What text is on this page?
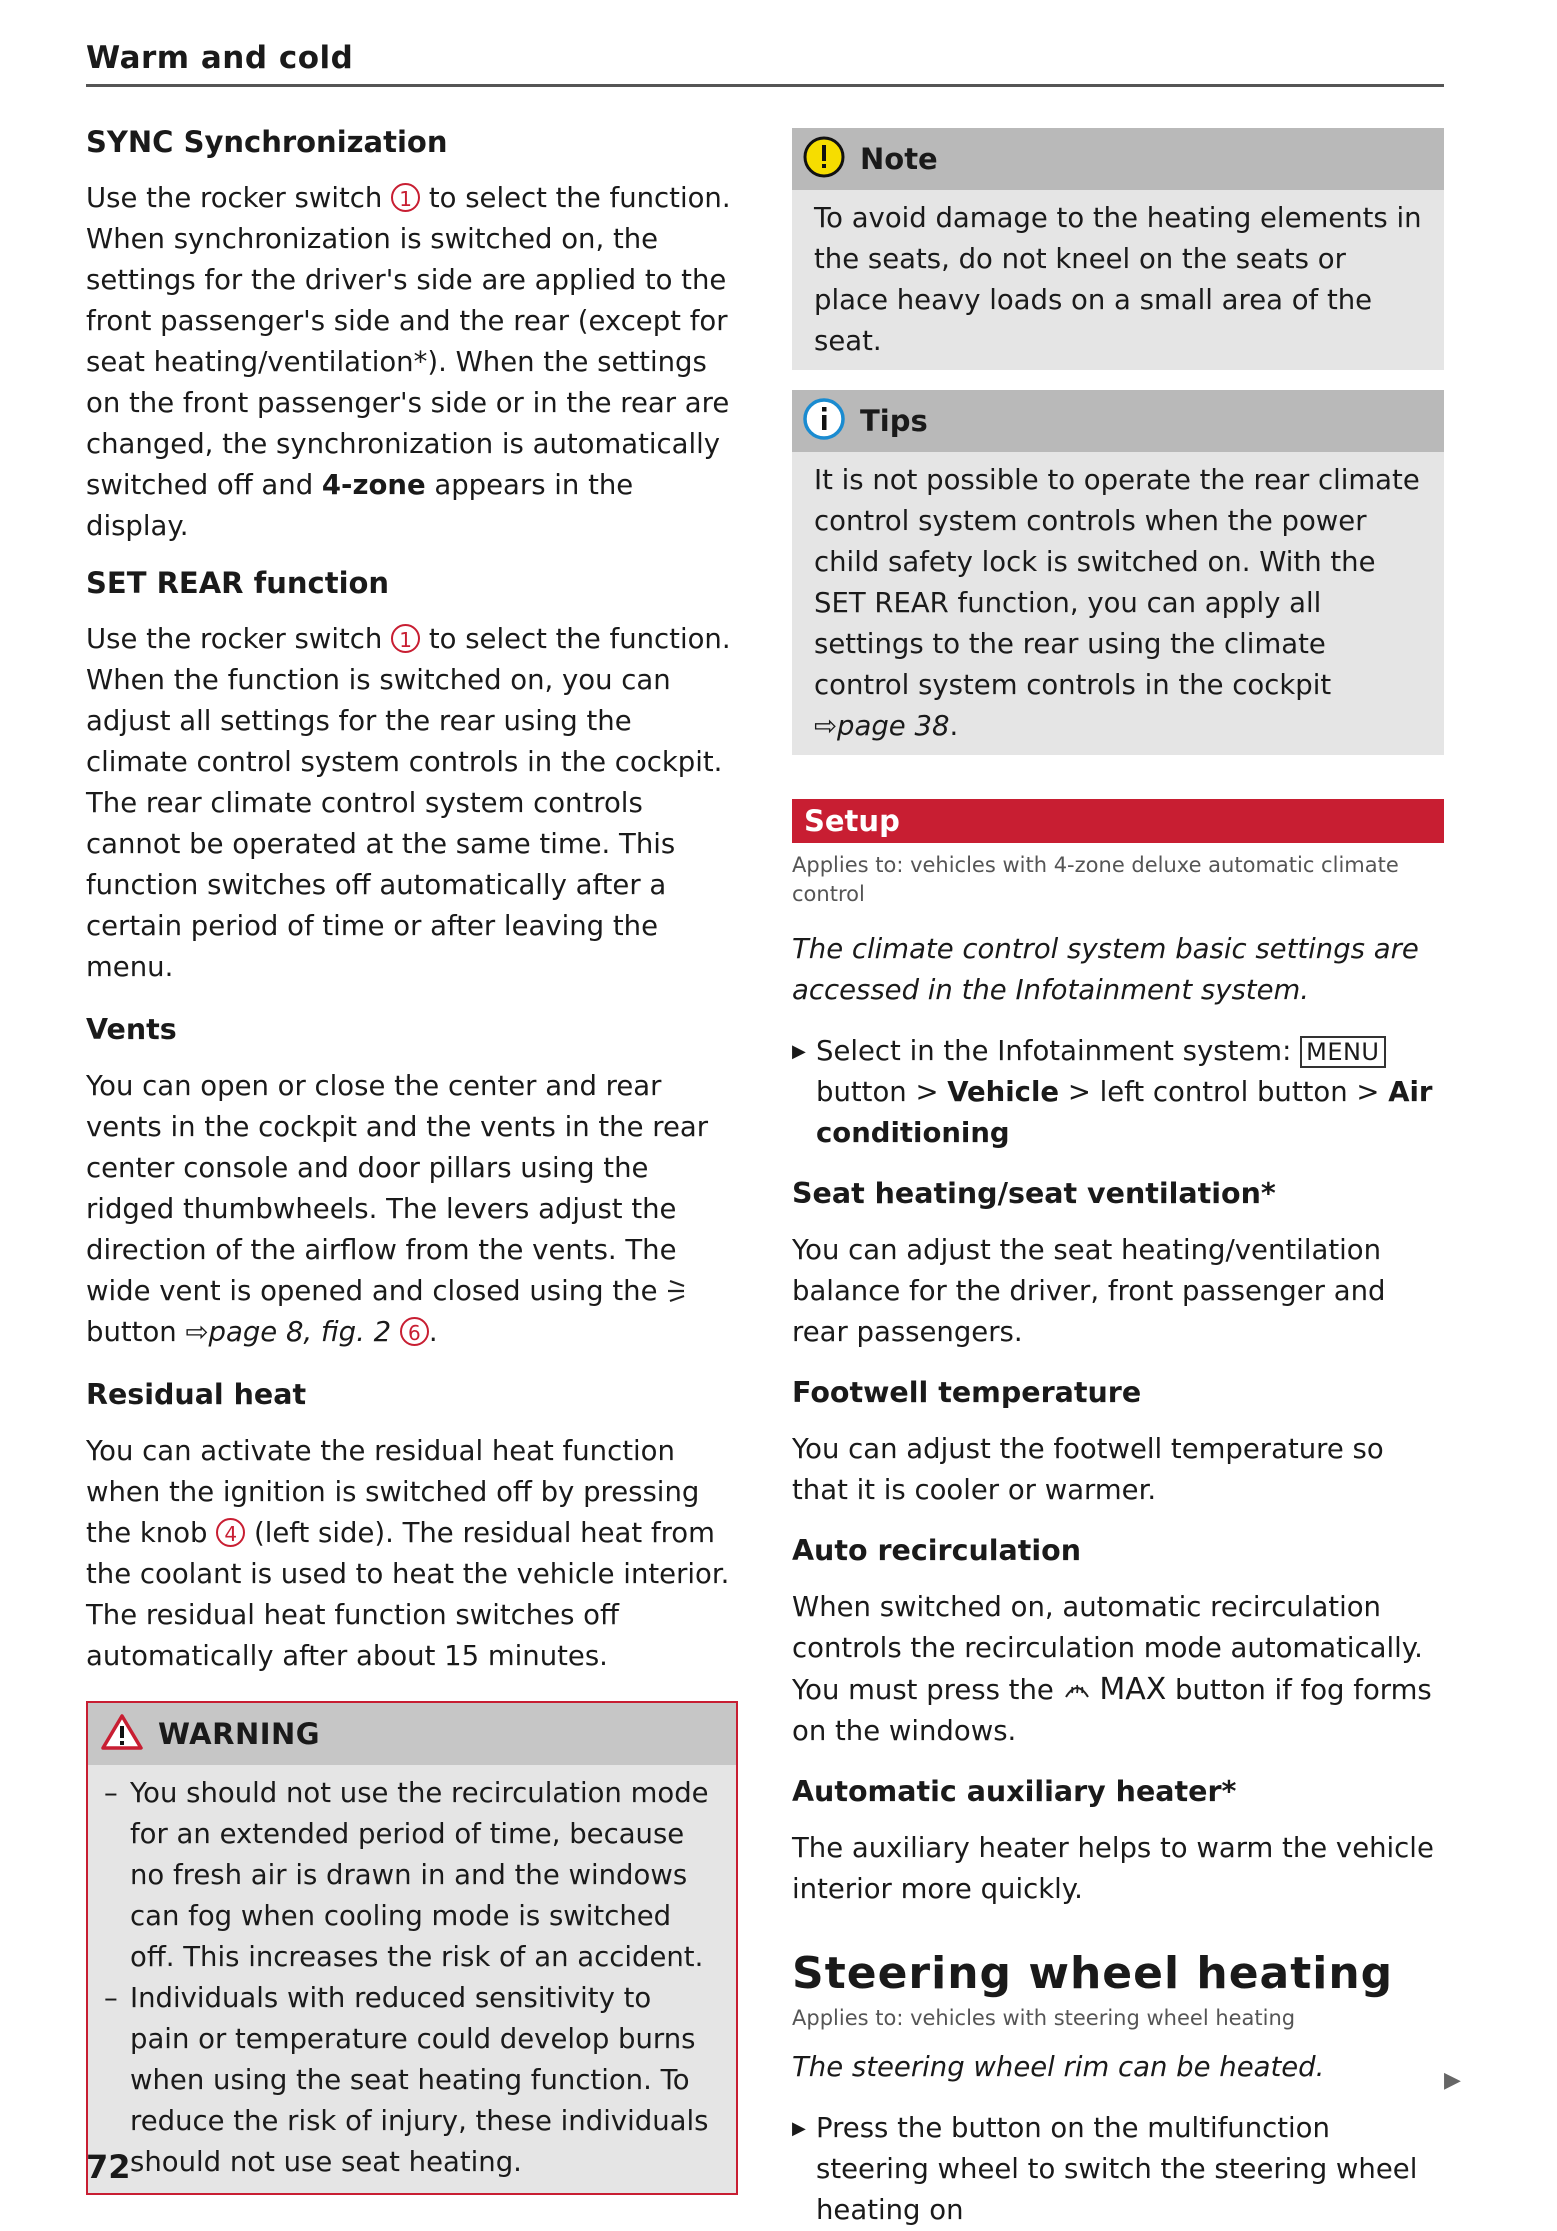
Warm and cold
SYNC Synchronization

Use the rocker switch 1 to select the function. When synchronization is switched on, the settings for the driver's side are applied to the front passenger's side and the rear (except for seat heating/ventilation*). When the settings on the front passenger's side or in the rear are changed, the synchronization is automatically switched off and 4-zone appears in the display.

SET REAR function

Use the rocker switch 1 to select the function. When the function is switched on, you can adjust all settings for the rear using the climate control system controls in the cockpit. The rear climate control system controls cannot be operated at the same time. This function switches off automatically after a certain period of time or after leaving the menu.

Vents

You can open or close the center and rear vents in the cockpit and the vents in the rear center console and door pillars using the ridged thumbwheels. The levers adjust the direction of the airflow from the vents. The wide vent is opened and closed using the  button ⇨page 8, fig. 2 6 .

Residual heat

You can activate the residual heat function when the ignition is switched off by pressing the knob 4 (left side). The residual heat from the coolant is used to heat the vehicle interior. The residual heat function switches off automatically after about 15 minutes.

WARNING
– You should not use the recirculation mode for an extended period of time, because no fresh air is drawn in and the windows can fog when cooling mode is switched off. This increases the risk of an accident.
– Individuals with reduced sensitivity to pain or temperature could develop burns when using the seat heating function. To reduce the risk of injury, these individuals should not use seat heating.
Note

To avoid damage to the heating elements in the seats, do not kneel on the seats or place heavy loads on a small area of the seat.

Tips

It is not possible to operate the rear climate control system controls when the power child safety lock is switched on. With the SET REAR function, you can apply all settings to the rear using the climate control system controls in the cockpit ⇨page 38.

Setup
Applies to: vehicles with 4-zone deluxe automatic climate control

The climate control system basic settings are accessed in the Infotainment system.

▶ Select in the Infotainment system: MENU button > Vehicle > left control button > Air conditioning
Seat heating/seat ventilation*

You can adjust the seat heating/ventilation balance for the driver, front passenger and rear passengers.

Footwell temperature

You can adjust the footwell temperature so that it is cooler or warmer.

Auto recirculation

When switched on, automatic recirculation controls the recirculation mode automatically. You must press the MAX button if fog forms on the windows.

Automatic auxiliary heater*

The auxiliary heater helps to warm the vehicle interior more quickly.

Steering wheel heating
Applies to: vehicles with steering wheel heating

The steering wheel rim can be heated.

▶ Press the button on the multifunction steering wheel to switch the steering wheel heating on
▶
72
